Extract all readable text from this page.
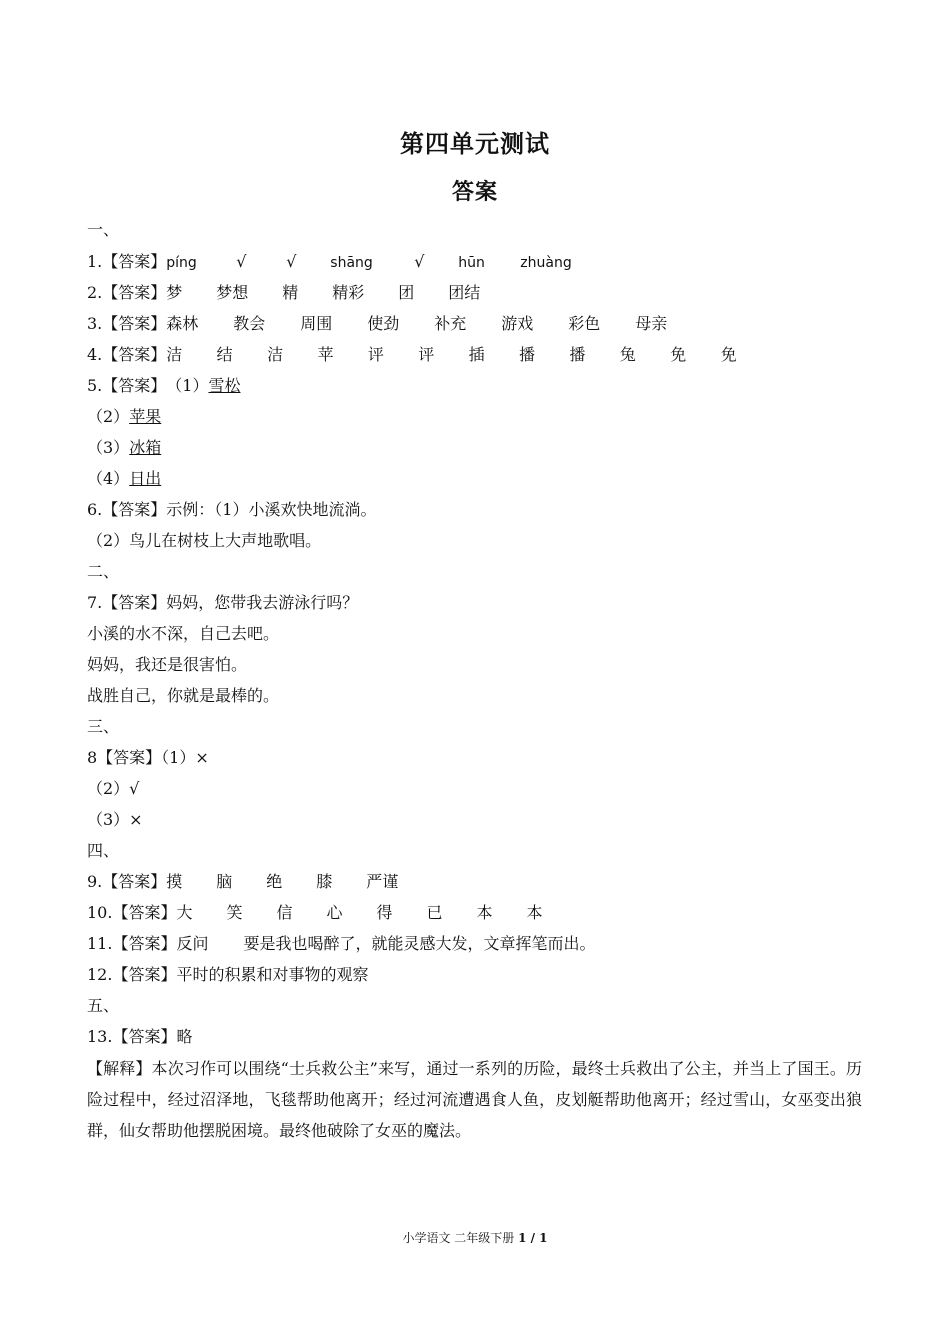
第四单元测试
答案
一、
1.【答案】píng √ √ shāng	√ hūn	zhuàng
2.【答案】梦 梦想 精 精彩 团 团结
3.【答案】森林 教会 周围 使劲 补充 游戏 彩色 母亲
4.【答案】洁 结 洁 苹 评 评 插 播 播 兔 免 免
5.【答案】（1）雪松
（2）苹果
（3）冰箱
（4）日出
6.【答案】示例：（1）小溪欢快地流淌。
（2）鸟儿在树枝上大声地歌唱。
二、
7.【答案】妈妈，您带我去游泳行吗？
小溪的水不深，自己去吧。
妈妈，我还是很害怕。
战胜自己，你就是最棒的。
三、
8【答案】（1）×
（2）√
（3）×
四、
9.【答案】摸 脑 绝 膝 严谨
10.【答案】大 笑 信 心 得 已 本 本
11.【答案】反问 要是我也喝醉了，就能灵感大发，文章挥笔而出。
12.【答案】平时的积累和对事物的观察
五、
13.【答案】略
【解释】本次习作可以围绕“士兵救公主”来写，通过一系列的历险，最终士兵救出了公主，并当上了国王。历险过程中，经过沼泽地，飞毯帮助他离开；经过河流遭遇食人鱼，皮划艇帮助他离开；经过雪山，女巫变出狼群，仙女帮助他摆脱困境。最终他破除了女巫的魔法。
小学语文 二年级下册 1 / 1
